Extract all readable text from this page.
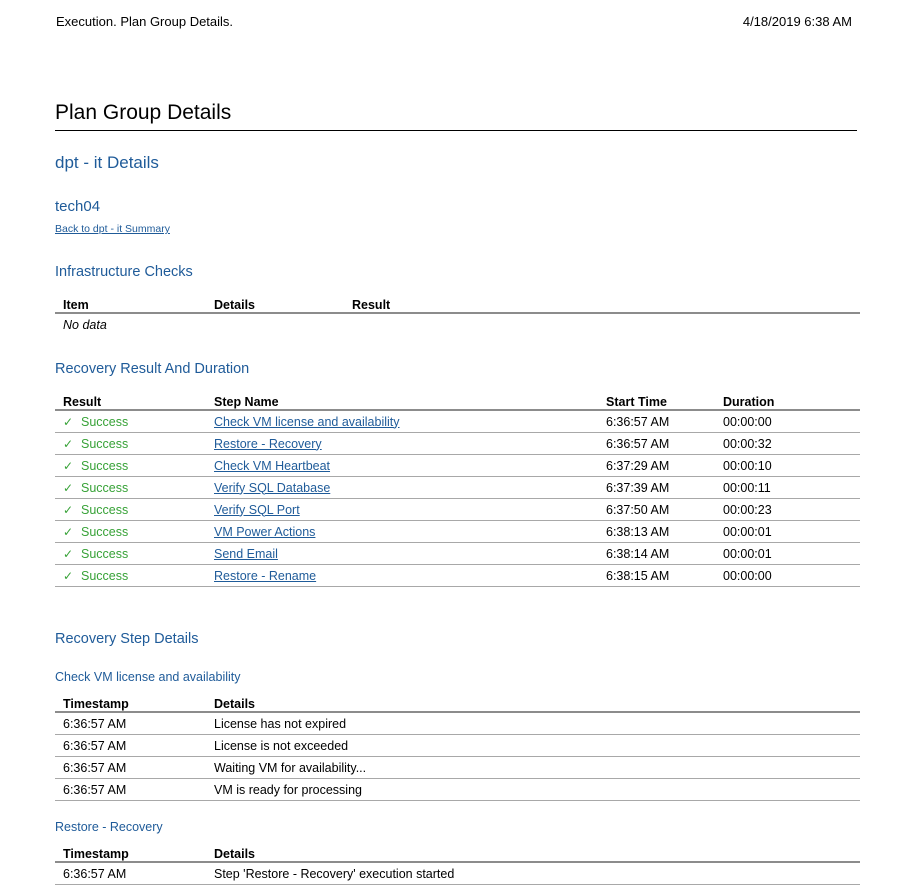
Execution. Plan Group Details.	4/18/2019 6:38 AM
Plan Group Details
dpt - it Details
tech04
Back to dpt - it Summary
Infrastructure Checks
Item	Details	Result
No data
Recovery Result And Duration
Result	Step Name	Start Time	Duration
✓ Success	Check VM license and availability	6:36:57 AM	00:00:00
✓ Success	Restore - Recovery	6:36:57 AM	00:00:32
✓ Success	Check VM Heartbeat	6:37:29 AM	00:00:10
✓ Success	Verify SQL Database	6:37:39 AM	00:00:11
✓ Success	Verify SQL Port	6:37:50 AM	00:00:23
✓ Success	VM Power Actions	6:38:13 AM	00:00:01
✓ Success	Send Email	6:38:14 AM	00:00:01
✓ Success	Restore - Rename	6:38:15 AM	00:00:00
Recovery Step Details
Check VM license and availability
Timestamp	Details
6:36:57 AM	License has not expired
6:36:57 AM	License is not exceeded
6:36:57 AM	Waiting VM for availability...
6:36:57 AM	VM is ready for processing
Restore - Recovery
Timestamp	Details
6:36:57 AM	Step 'Restore - Recovery' execution started
